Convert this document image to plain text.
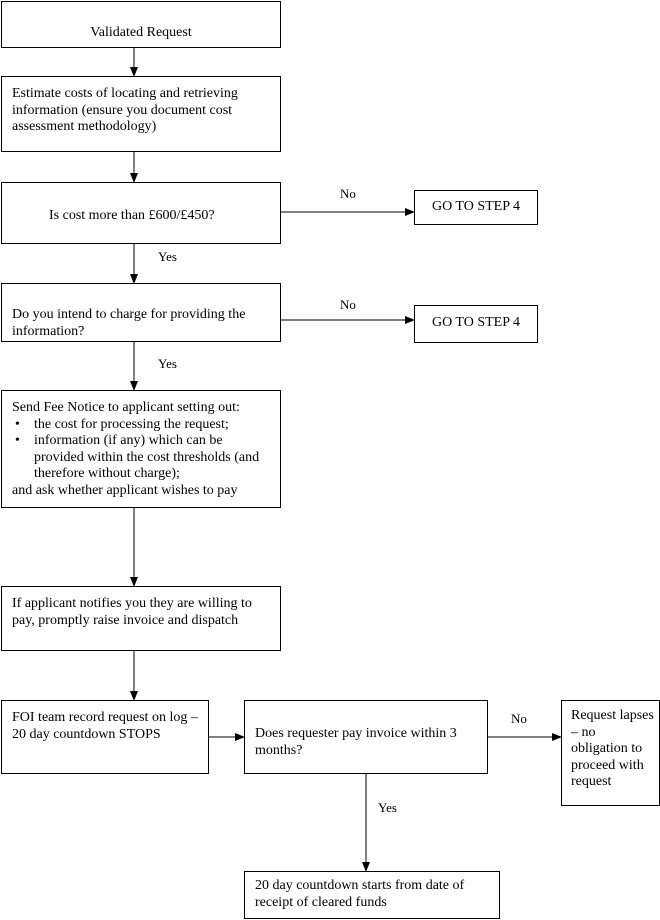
Validated Request
Estimate costs of locating and retrieving information (ensure you document cost assessment methodology)
Is cost more than £600/£450?
GO TO STEP 4
Do you intend to charge for providing the information?
GO TO STEP 4
Send Fee Notice to applicant setting out:
• the cost for processing the request;
• information (if any) which can be provided within the cost thresholds (and therefore without charge);
and ask whether applicant wishes to pay
If applicant notifies you they are willing to pay, promptly raise invoice and dispatch
FOI team record request on log – 20 day countdown STOPS	Does requester pay invoice within 3 months?
Request lapses – no obligation to proceed with request
20 day countdown starts from date of receipt of cleared funds
No
Yes
No
Yes
No
Yes
